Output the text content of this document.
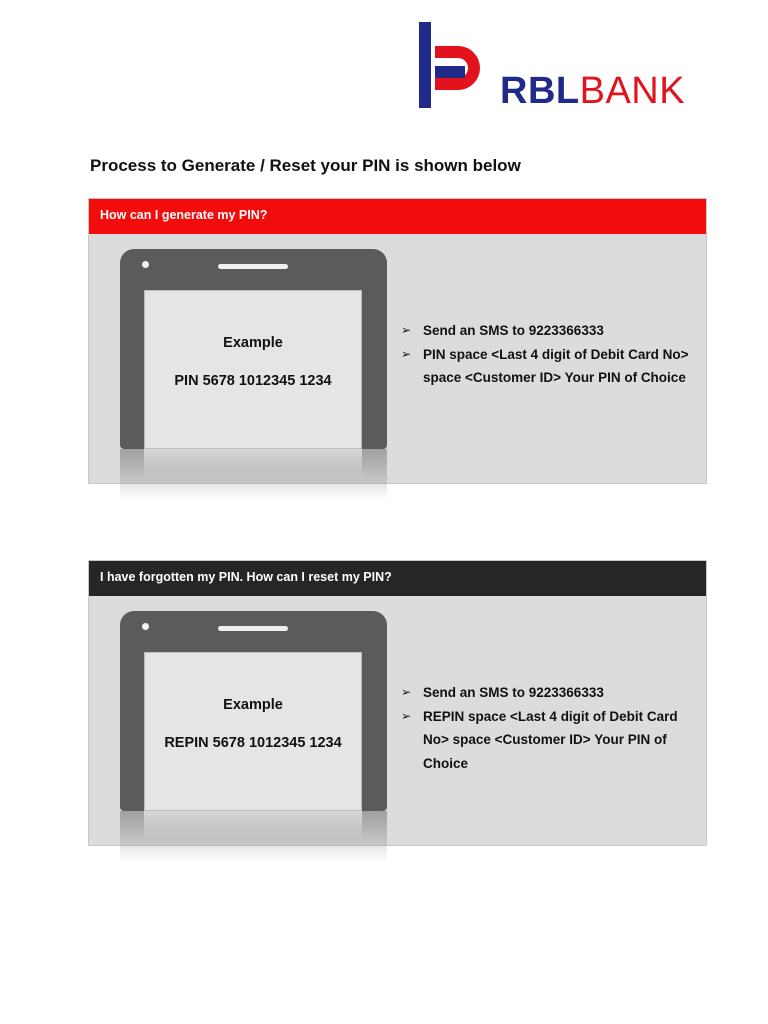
RBLBANK
Process to Generate / Reset your PIN is shown below
How can I generate my PIN?
Example
PIN 5678 1012345 1234
➢ Send an SMS to 9223366333
➢ PIN space <Last 4 digit of Debit Card No> space <Customer ID> Your PIN of Choice
I have forgotten my PIN. How can I reset my PIN?
Example
REPIN 5678 1012345 1234
➢ Send an SMS to 9223366333
➢ REPIN space <Last 4 digit of Debit Card No> space <Customer ID> Your PIN of Choice
